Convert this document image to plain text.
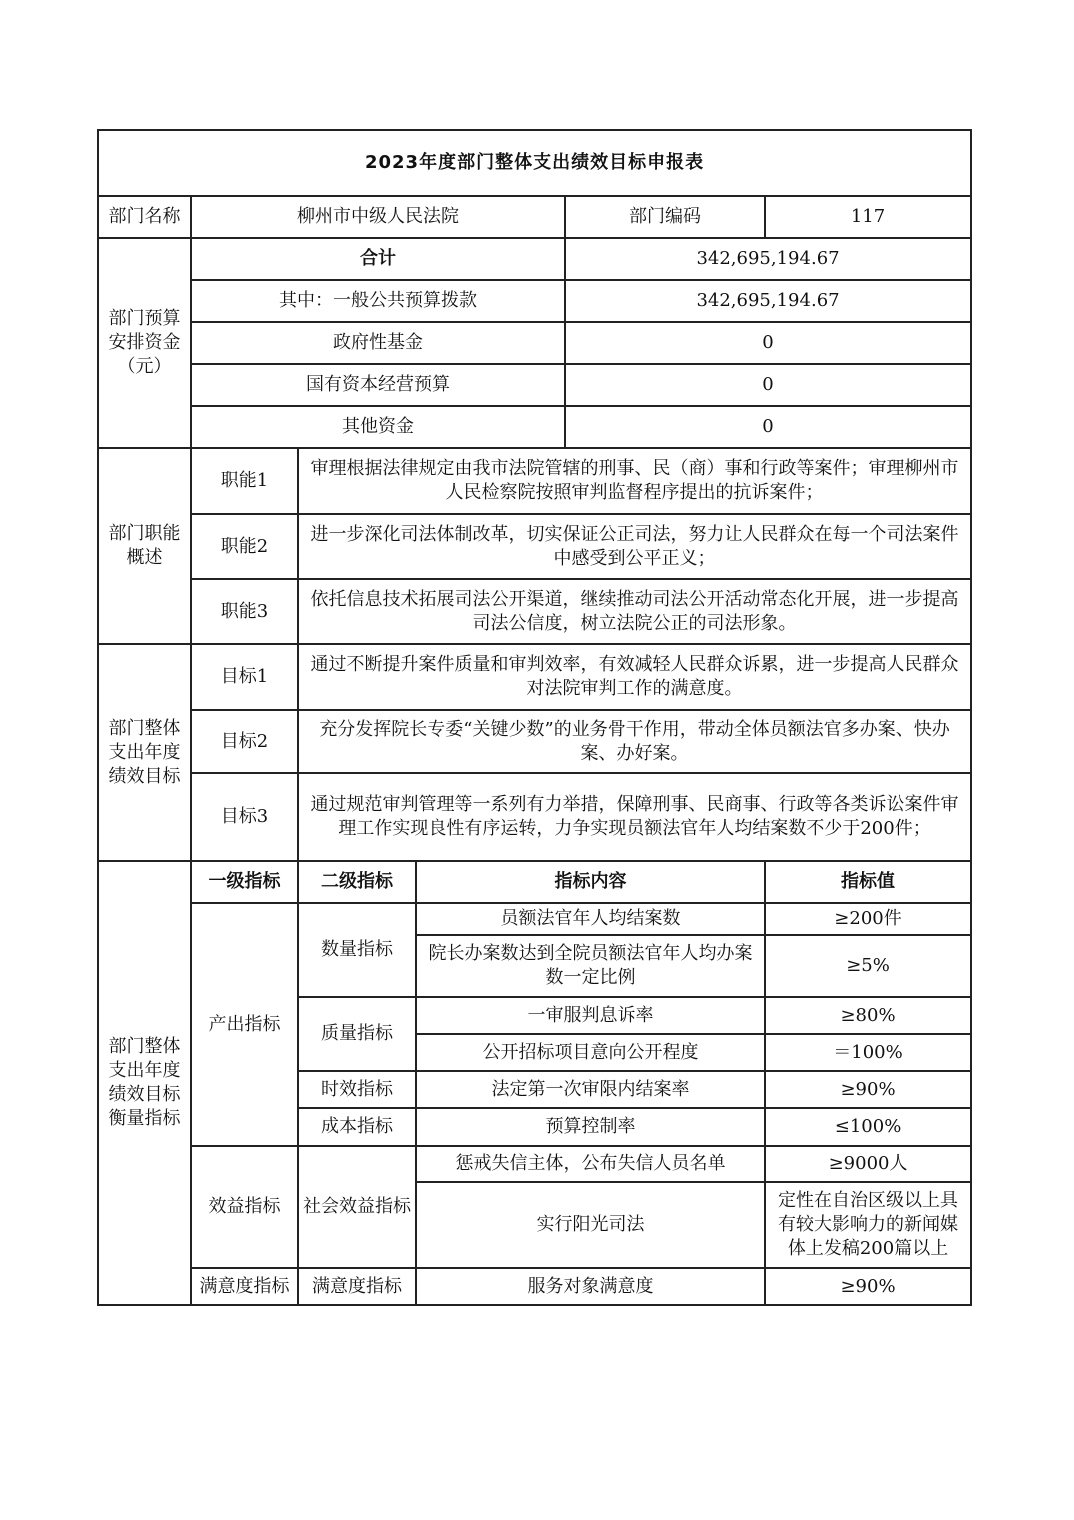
2023年度部门整体支出绩效目标申报表					
部门名称	柳州市中级人民法院			部门编码	117
部门预算安排资金（元）	合计			342,695,194.67	
	其中：一般公共预算拨款			342,695,194.67	
	政府性基金			0	
	国有资本经营预算			0	
	其他资金			0	
部门职能概述	职能1	审理根据法律规定由我市法院管辖的刑事、民（商）事和行政等案件；审理柳州市人民检察院按照审判监督程序提出的抗诉案件；			
	职能2	进一步深化司法体制改革，切实保证公正司法，努力让人民群众在每一个司法案件中感受到公平正义；			
	职能3	依托信息技术拓展司法公开渠道，继续推动司法公开活动常态化开展，进一步提高司法公信度，树立法院公正的司法形象。			
部门整体支出年度绩效目标	目标1	通过不断提升案件质量和审判效率，有效减轻人民群众诉累，进一步提高人民群众对法院审判工作的满意度。			
	目标2	充分发挥院长专委“关键少数”的业务骨干作用，带动全体员额法官多办案、快办案、办好案。			
	目标3	通过规范审判管理等一系列有力举措，保障刑事、民商事、行政等各类诉讼案件审理工作实现良性有序运转，力争实现员额法官年人均结案数不少于200件；			
部门整体支出年度绩效目标衡量指标	一级指标	二级指标	指标内容		指标值
	产出指标	数量指标	员额法官年人均结案数		≥200件
			院长办案数达到全院员额法官年人均办案数一定比例		≥5%
		质量指标	一审服判息诉率		≥80%
			公开招标项目意向公开程度		＝100%
		时效指标	法定第一次审限内结案率		≥90%
		成本指标	预算控制率		≤100%
	效益指标	社会效益指标	惩戒失信主体，公布失信人员名单		≥9000人
			实行阳光司法		定性在自治区级以上具有较大影响力的新闻媒体上发稿200篇以上
	满意度指标	满意度指标	服务对象满意度		≥90%
